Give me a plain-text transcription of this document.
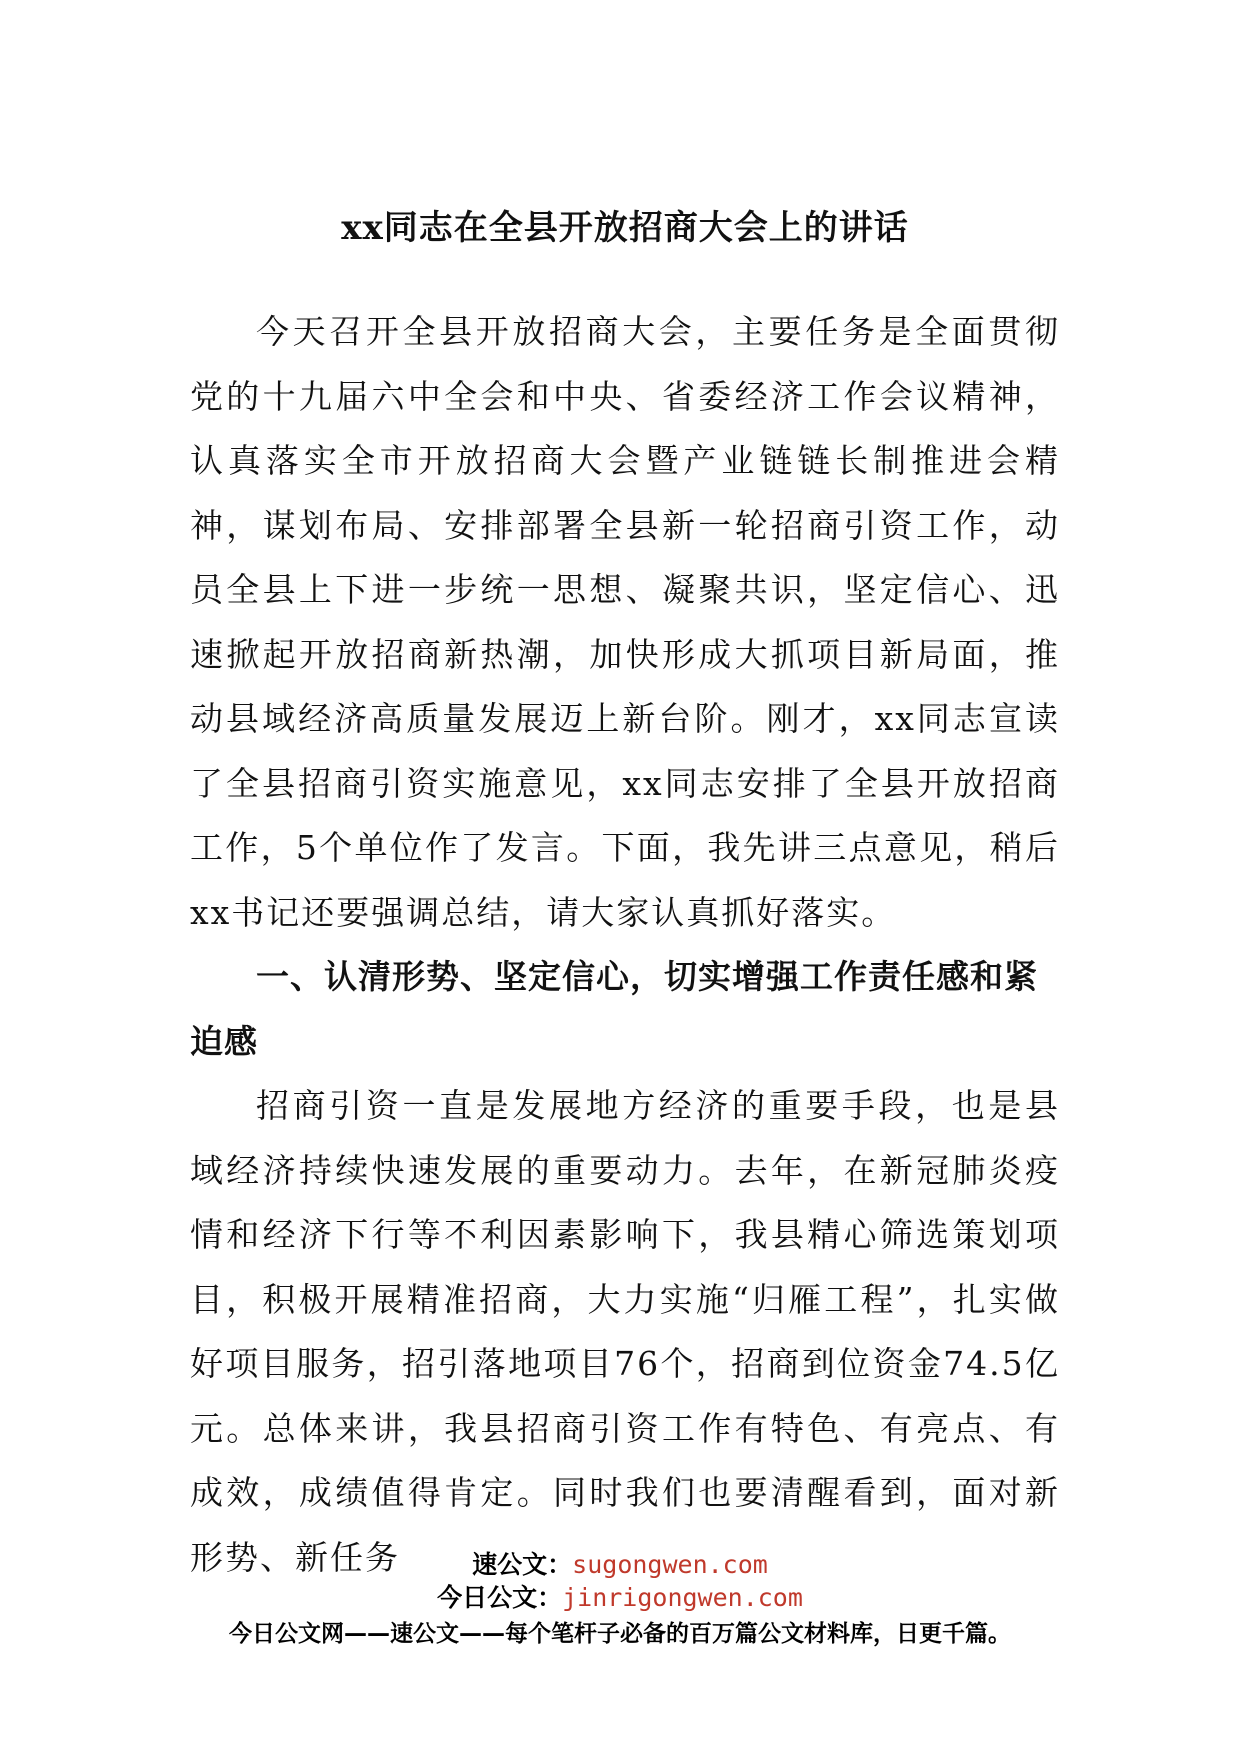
xx同志在全县开放招商大会上的讲话

今天召开全县开放招商大会，主要任务是全面贯彻党的十九届六中全会和中央、省委经济工作会议精神，认真落实全市开放招商大会暨产业链链长制推进会精神，谋划布局、安排部署全县新一轮招商引资工作，动员全县上下进一步统一思想、凝聚共识，坚定信心、迅速掀起开放招商新热潮，加快形成大抓项目新局面，推动县域经济高质量发展迈上新台阶。刚才，xx同志宣读了全县招商引资实施意见，xx同志安排了全县开放招商工作，5个单位作了发言。下面，我先讲三点意见，稍后xx书记还要强调总结，请大家认真抓好落实。

一、认清形势、坚定信心，切实增强工作责任感和紧迫感

招商引资一直是发展地方经济的重要手段，也是县域经济持续快速发展的重要动力。去年，在新冠肺炎疫情和经济下行等不利因素影响下，我县精心筛选策划项目，积极开展精准招商，大力实施“归雁工程”，扎实做好项目服务，招引落地项目76个，招商到位资金74.5亿元。总体来讲，我县招商引资工作有特色、有亮点、有成效，成绩值得肯定。同时我们也要清醒看到，面对新形势、新任务	速公文：sugongwen.com

今日公文：jinrigongwen.com

今日公文网——速公文——每个笔杆子必备的百万篇公文材料库，日更千篇。
